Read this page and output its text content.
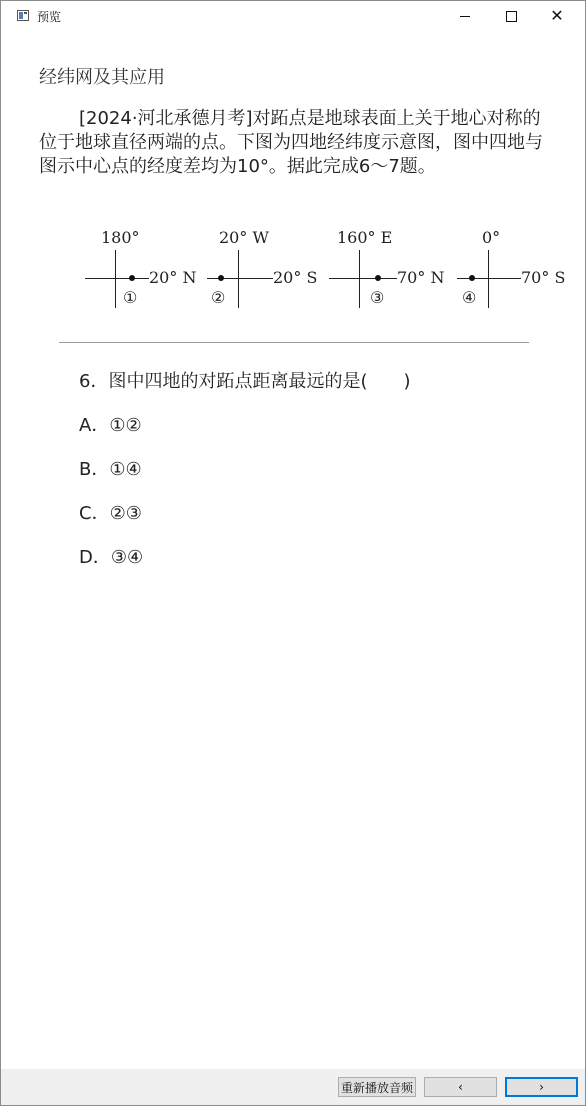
预览	✕
经纬网及其应用
[2024·河北承德月考]对跖点是地球表面上关于地心对称的位于地球直径两端的点。下图为四地经纬度示意图，图中四地与图示中心点的经度差均为10°。据此完成6～7题。
180°
20° N
①
20° W
20° S
②
160° E
70° N
③
0°
70° S
④
6．图中四地的对跖点距离最远的是(　　)
A．①②
B．①④
C．②③
D．③④
重新播放音频	‹	›
